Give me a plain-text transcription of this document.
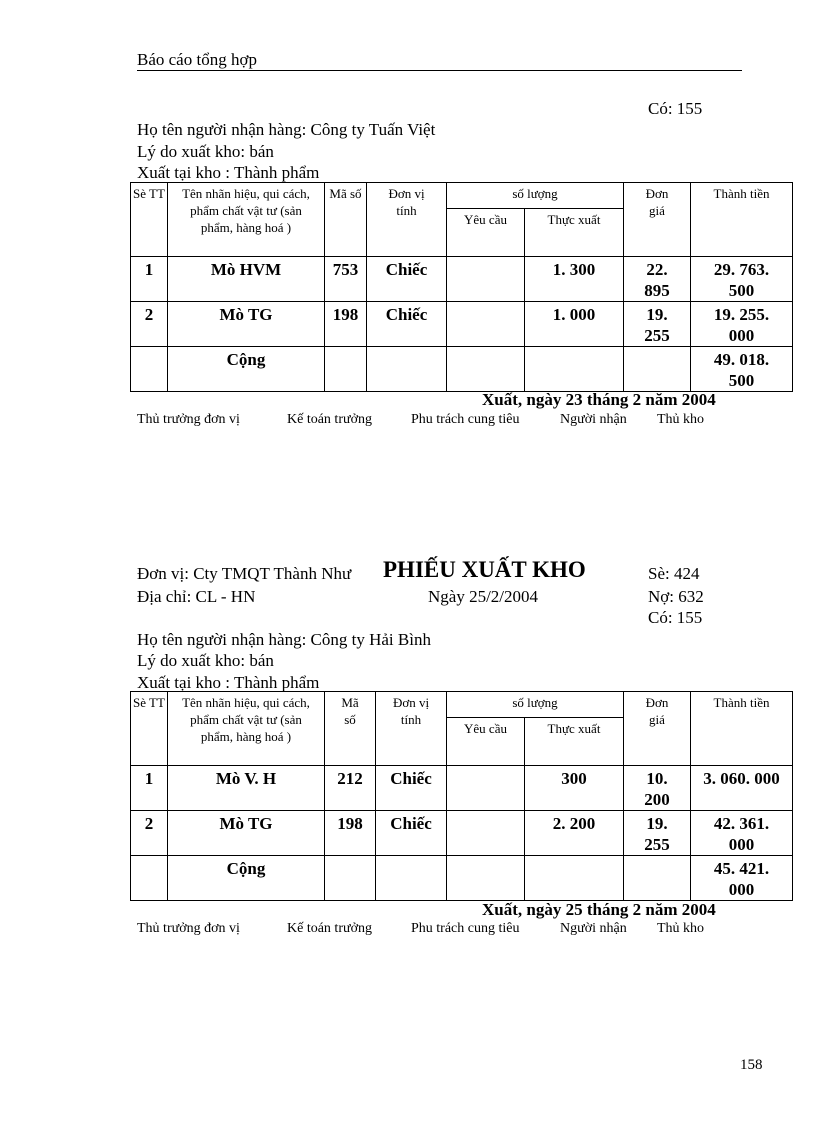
Báo cáo tổng hợp
Có: 155
Họ tên người nhận hàng: Công ty Tuấn Việt
Lý do xuất kho: bán
Xuất tại kho : Thành phẩm
Sè TT	Tên nhãn hiệu, qui cách, phẩm chất vật tư (sản phẩm, hàng hoá )	Mã số	Đơn vị tính	số lượng		Đơn giá	Thành tiền
				Yêu cầu	Thực xuất		
1	Mò HVM	753	Chiếc		1. 300	22. 895	29. 763. 500
2	Mò TG	198	Chiếc		1. 000	19. 255	19. 255. 000
	Cộng						49. 018. 500
Xuất, ngày 23 tháng 2 năm 2004
Thủ trưởng đơn vị	Kế toán trưởng	Phu trách cung tiêu	Người nhận Thủ kho
Đơn vị: Cty TMQT Thành Như PHIẾU XUẤT KHO	Sè: 424
Địa chỉ: CL - HN	Ngày 25/2/2004	Nợ: 632
Có: 155
Họ tên người nhận hàng: Công ty Hải Bình
Lý do xuất kho: bán
Xuất tại kho : Thành phẩm
Sè TT	Tên nhãn hiệu, qui cách, phẩm chất vật tư (sản phẩm, hàng hoá )	Mã số	Đơn vị tính	số lượng		Đơn giá	Thành tiền
				Yêu cầu	Thực xuất		
1	Mò V. H	212	Chiếc		300	10. 200	3. 060. 000
2	Mò TG	198	Chiếc		2. 200	19. 255	42. 361. 000
	Cộng						45. 421. 000
Xuất, ngày 25 tháng 2 năm 2004
Thủ trưởng đơn vị	Kế toán trưởng	Phu trách cung tiêu	Người nhận Thủ kho
158
